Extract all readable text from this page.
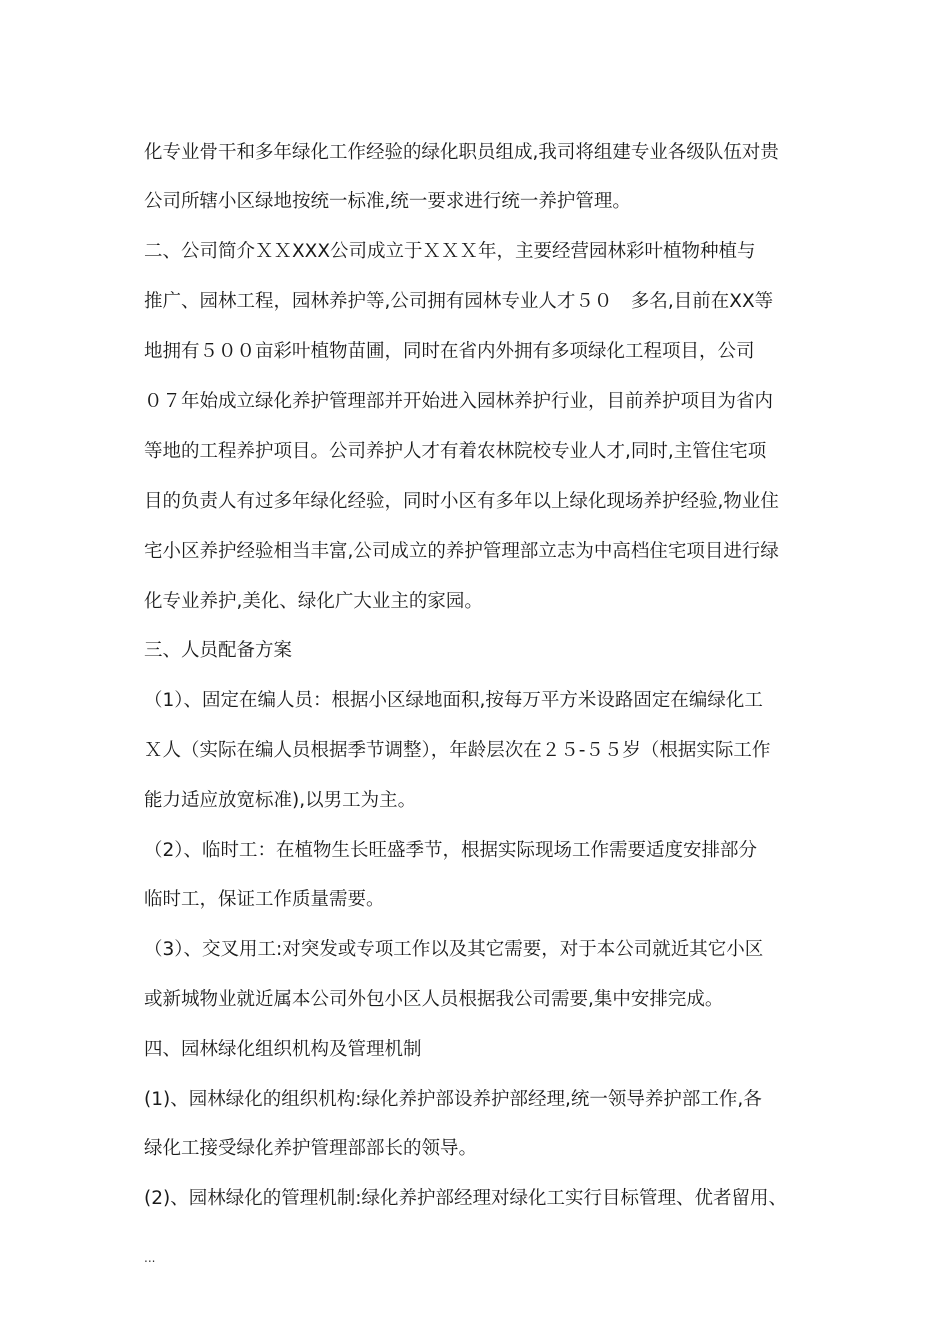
化专业骨干和多年绿化工作经验的绿化职员组成,我司将组建专业各级队伍对贵
公司所辖小区绿地按统一标准,统一要求进行统一养护管理。
二、公司简介ＸＸXXX公司成立于ＸＸＸ年，主要经营园林彩叶植物种植与
推广、园林工程，园林养护等,公司拥有园林专业人才５０　多名,目前在XX等
地拥有５００亩彩叶植物苗圃，同时在省内外拥有多项绿化工程项目，公司
０７年始成立绿化养护管理部并开始进入园林养护行业，目前养护项目为省内
等地的工程养护项目。公司养护人才有着农林院校专业人才,同时,主管住宅项
目的负责人有过多年绿化经验，同时小区有多年以上绿化现场养护经验,物业住
宅小区养护经验相当丰富,公司成立的养护管理部立志为中高档住宅项目进行绿
化专业养护,美化、绿化广大业主的家园。
三、人员配备方案
（1）、固定在编人员：根据小区绿地面积,按每万平方米设路固定在编绿化工
Ｘ人（实际在编人员根据季节调整），年龄层次在２５-５５岁（根据实际工作
能力适应放宽标准),以男工为主。
（2）、临时工：在植物生长旺盛季节，根据实际现场工作需要适度安排部分
临时工，保证工作质量需要。
（3）、交叉用工:对突发或专项工作以及其它需要，对于本公司就近其它小区
或新城物业就近属本公司外包小区人员根据我公司需要,集中安排完成。
四、园林绿化组织机构及管理机制
(1)、园林绿化的组织机构:绿化养护部设养护部经理,统一领导养护部工作,各
绿化工接受绿化养护管理部部长的领导。
(2)、园林绿化的管理机制:绿化养护部经理对绿化工实行目标管理、优者留用、
...
